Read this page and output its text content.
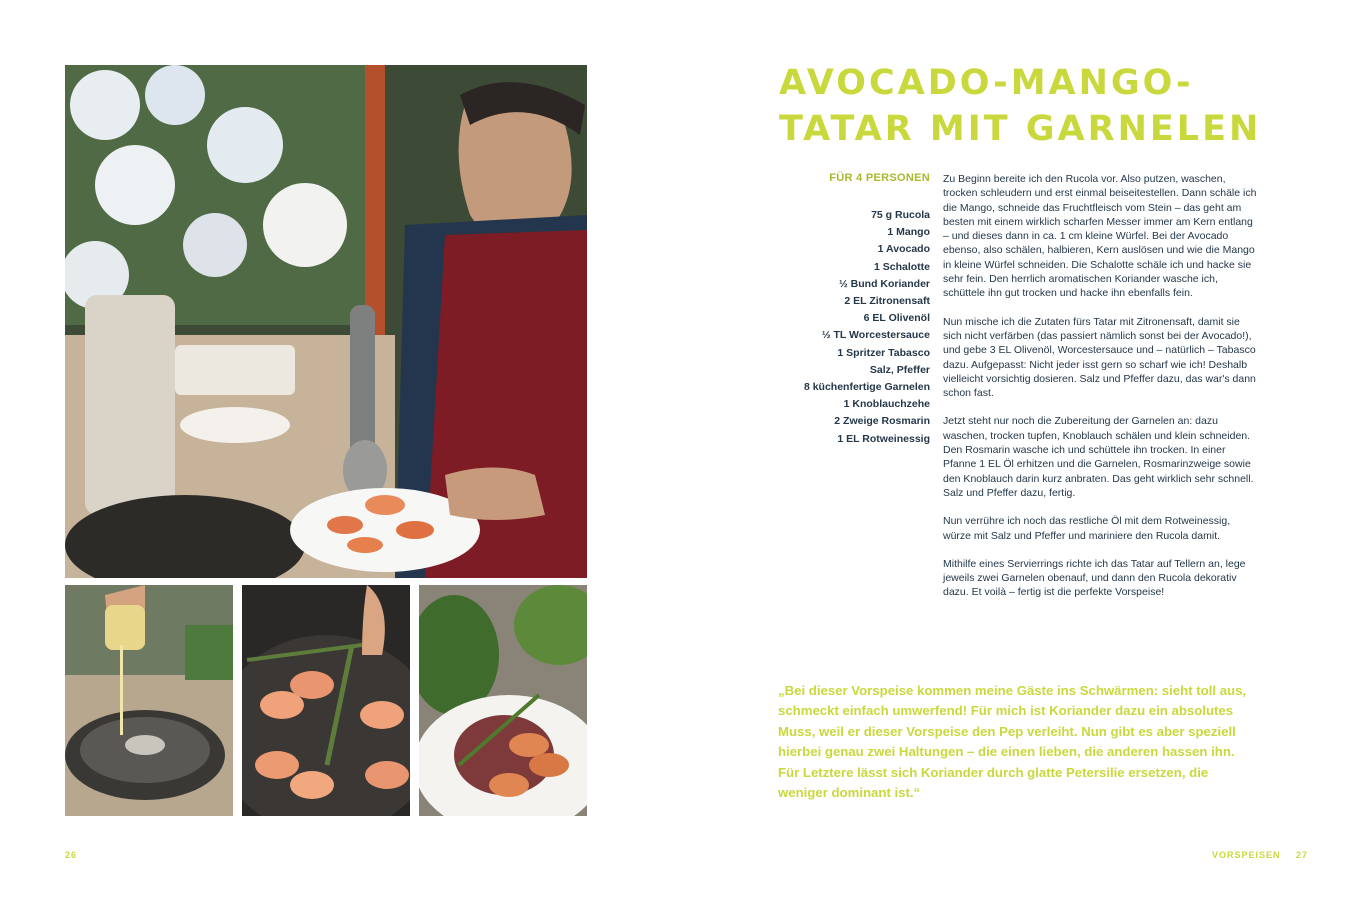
AVOCADO-MANGO-
TATAR MIT GARNELEN
FÜR 4 PERSONEN
75 g Rucola
1 Mango
1 Avocado
1 Schalotte
½ Bund Koriander
2 EL Zitronensaft
6 EL Olivenöl
½ TL Worcestersauce
1 Spritzer Tabasco
Salz, Pfeffer
8 küchenfertige Garnelen
1 Knoblauchzehe
2 Zweige Rosmarin
1 EL Rotweinessig

Zu Beginn bereite ich den Rucola vor. Also putzen, waschen, trocken schleudern und erst einmal beiseitestellen. Dann schäle ich die Mango, schneide das Fruchtfleisch vom Stein – das geht am besten mit einem wirklich scharfen Messer immer am Kern entlang – und dieses dann in ca. 1 cm kleine Würfel. Bei der Avocado ebenso, also schälen, halbieren, Kern auslösen und wie die Mango in kleine Würfel schneiden. Die Schalotte schäle ich und hacke sie sehr fein. Den herrlich aromatischen Koriander wasche ich, schüttele ihn gut trocken und hacke ihn ebenfalls fein.

Nun mische ich die Zutaten fürs Tatar mit Zitronensaft, damit sie sich nicht verfärben (das passiert nämlich sonst bei der Avocado!), und gebe 3 EL Olivenöl, Worcestersauce und – natürlich – Tabasco dazu. Aufgepasst: Nicht jeder isst gern so scharf wie ich! Deshalb vielleicht vorsichtig dosieren. Salz und Pfeffer dazu, das war's dann schon fast.

Jetzt steht nur noch die Zubereitung der Garnelen an: dazu waschen, trocken tupfen, Knoblauch schälen und klein schneiden. Den Rosmarin wasche ich und schüttele ihn trocken. In einer Pfanne 1 EL Öl erhitzen und die Garnelen, Rosmarinzweige sowie den Knoblauch darin kurz anbraten. Das geht wirklich sehr schnell. Salz und Pfeffer dazu, fertig.

Nun verrühre ich noch das restliche Öl mit dem Rotweinessig, würze mit Salz und Pfeffer und mariniere den Rucola damit.

Mithilfe eines Servierrings richte ich das Tatar auf Tellern an, lege jeweils zwei Garnelen obenauf, und dann den Rucola dekorativ dazu. Et voilà – fertig ist die perfekte Vorspeise!

„Bei dieser Vorspeise kommen meine Gäste ins Schwärmen: sieht toll aus, schmeckt einfach umwerfend! Für mich ist Koriander dazu ein absolutes Muss, weil er dieser Vorspeise den Pep verleiht. Nun gibt es aber speziell hierbei genau zwei Haltungen – die einen lieben, die anderen hassen ihn. Für Letztere lässt sich Koriander durch glatte Petersilie ersetzen, die weniger dominant ist.“

26	VORSPEISEN 27
